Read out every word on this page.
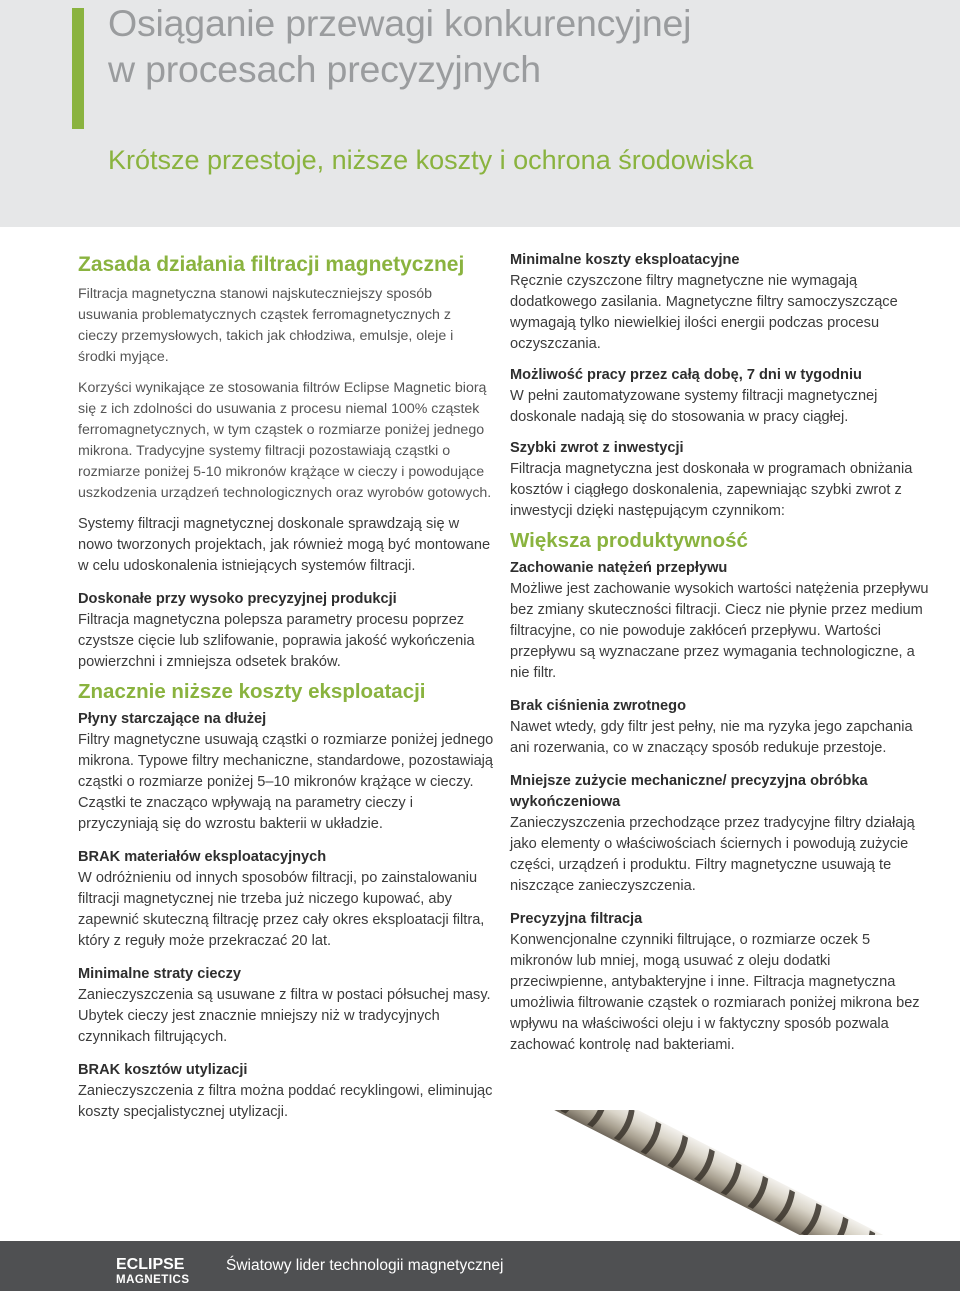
Osiąganie przewagi konkurencyjnej
w procesach precyzyjnych
Krótsze przestoje, niższe koszty i ochrona środowiska
Zasada działania filtracji magnetycznej
Filtracja magnetyczna stanowi najskuteczniejszy sposób usuwania problematycznych cząstek ferromagnetycznych z cieczy przemysłowych, takich jak chłodziwa, emulsje, oleje i środki myjące.
Korzyści wynikające ze stosowania filtrów Eclipse Magnetic biorą się z ich zdolności do usuwania z procesu niemal 100% cząstek ferromagnetycznych, w tym cząstek o rozmiarze poniżej jednego mikrona. Tradycyjne systemy filtracji pozostawiają cząstki o rozmiarze poniżej 5-10 mikronów krążące w cieczy i powodujące uszkodzenia urządzeń technologicznych oraz wyrobów gotowych.
Systemy filtracji magnetycznej doskonale sprawdzają się w nowo tworzonych projektach, jak również mogą być montowane w celu udoskonalenia istniejących systemów filtracji.
Doskonałe przy wysoko precyzyjnej produkcji
Filtracja magnetyczna polepsza parametry procesu poprzez czystsze cięcie lub szlifowanie, poprawia jakość wykończenia powierzchni i zmniejsza odsetek braków.
Znacznie niższe koszty eksploatacji
Płyny starczające na dłużej
Filtry magnetyczne usuwają cząstki o rozmiarze poniżej jednego mikrona. Typowe filtry mechaniczne, standardowe, pozostawiają cząstki o rozmiarze poniżej 5–10 mikronów krążące w cieczy. Cząstki te znacząco wpływają na parametry cieczy i przyczyniają się do wzrostu bakterii w układzie.
BRAK materiałów eksploatacyjnych
W odróżnieniu od innych sposobów filtracji, po zainstalowaniu filtracji magnetycznej nie trzeba już niczego kupować, aby zapewnić skuteczną filtrację przez cały okres eksploatacji filtra, który z reguły może przekraczać 20 lat.
Minimalne straty cieczy
Zanieczyszczenia są usuwane z filtra w postaci półsuchej masy. Ubytek cieczy jest znacznie mniejszy niż w tradycyjnych czynnikach filtrujących.
BRAK kosztów utylizacji
Zanieczyszczenia z filtra można poddać recyklingowi, eliminując koszty specjalistycznej utylizacji.
Minimalne koszty eksploatacyjne
Ręcznie czyszczone filtry magnetyczne nie wymagają dodatkowego zasilania. Magnetyczne filtry samoczyszczące wymagają tylko niewielkiej ilości energii podczas procesu oczyszczania.
Możliwość pracy przez całą dobę, 7 dni w tygodniu
W pełni zautomatyzowane systemy filtracji magnetycznej doskonale nadają się do stosowania w pracy ciągłej.
Szybki zwrot z inwestycji
Filtracja magnetyczna jest doskonała w programach obniżania kosztów i ciągłego doskonalenia, zapewniając szybki zwrot z inwestycji dzięki następującym czynnikom:
Większa produktywność
Zachowanie natężeń przepływu
Możliwe jest zachowanie wysokich wartości natężenia przepływu bez zmiany skuteczności filtracji. Ciecz nie płynie przez medium filtracyjne, co nie powoduje zakłóceń przepływu. Wartości przepływu są wyznaczane przez wymagania technologiczne, a nie filtr.
Brak ciśnienia zwrotnego
Nawet wtedy, gdy filtr jest pełny, nie ma ryzyka jego zapchania ani rozerwania, co w znaczący sposób redukuje przestoje.
Mniejsze zużycie mechaniczne/ precyzyjna obróbka wykończeniowa
Zanieczyszczenia przechodzące przez tradycyjne filtry działają jako elementy o właściwościach ściernych i powodują zużycie części, urządzeń i produktu. Filtry magnetyczne usuwają te niszczące zanieczyszczenia.
Precyzyjna filtracja
Konwencjonalne czynniki filtrujące, o rozmiarze oczek 5 mikronów lub mniej, mogą usuwać z oleju dodatki przeciwpienne, antybakteryjne i inne. Filtracja magnetyczna umożliwia filtrowanie cząstek o rozmiarach poniżej mikrona bez wpływu na właściwości oleju i w faktyczny sposób pozwala zachować kontrolę nad bakteriami.
ECLIPSE
MAGNETICS
Światowy lider technologii magnetycznej
